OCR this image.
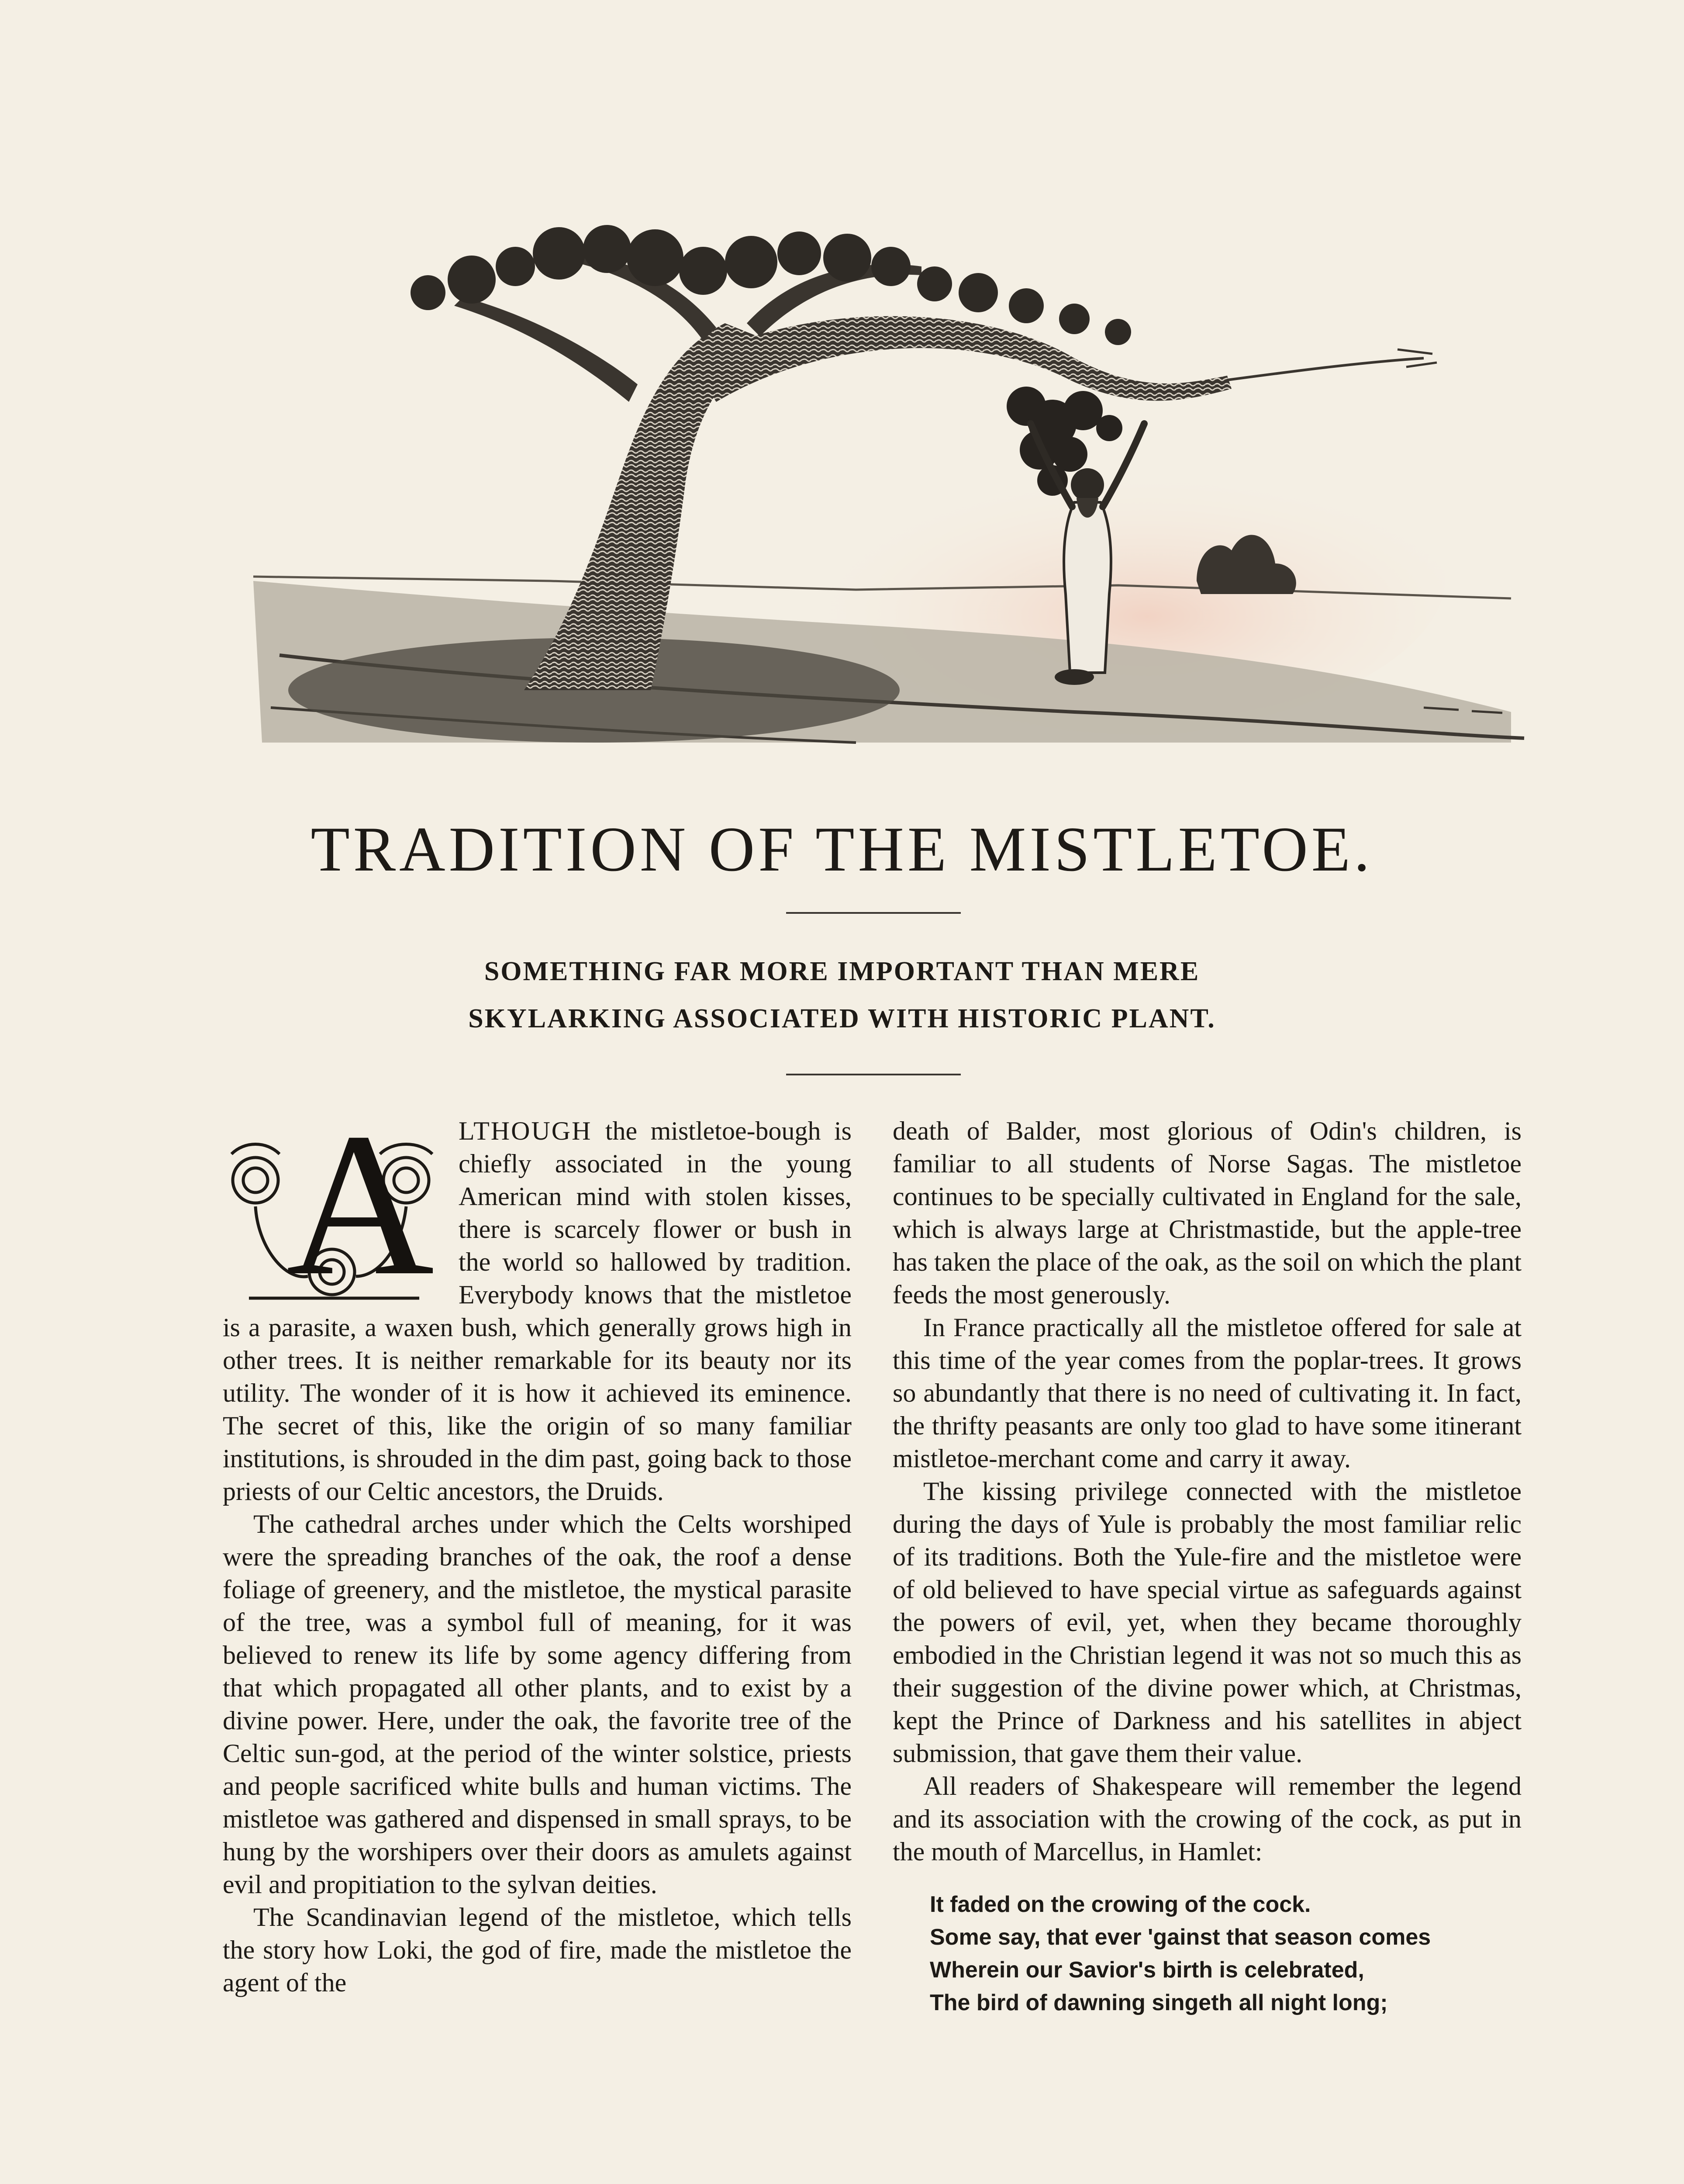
TRADITION OF THE MISTLETOE.
SOMETHING FAR MORE IMPORTANT THAN MERE
SKYLARKING ASSOCIATED WITH HISTORIC PLANT.
A LTHOUGH the mistletoe-bough is chiefly associated in the young American mind with stolen kisses, there is scarcely flower or bush in the world so hallowed by tradition. Everybody knows that the mistletoe is a parasite, a waxen bush, which generally grows high in other trees. It is neither remarkable for its beauty nor its utility. The wonder of it is how it achieved its eminence. The secret of this, like the origin of so many familiar institutions, is shrouded in the dim past, going back to those priests of our Celtic ancestors, the Druids.

The cathedral arches under which the Celts worshiped were the spreading branches of the oak, the roof a dense foliage of greenery, and the mistletoe, the mystical parasite of the tree, was a symbol full of meaning, for it was believed to renew its life by some agency differing from that which propagated all other plants, and to exist by a divine power. Here, under the oak, the favorite tree of the Celtic sun-god, at the period of the winter solstice, priests and people sacrificed white bulls and human victims. The mistletoe was gathered and dispensed in small sprays, to be hung by the worshipers over their doors as amulets against evil and propitiation to the sylvan deities.

The Scandinavian legend of the mistletoe, which tells the story how Loki, the god of fire, made the mistletoe the agent of the

death of Balder, most glorious of Odin's children, is familiar to all students of Norse Sagas. The mistletoe continues to be specially cultivated in England for the sale, which is always large at Christmastide, but the apple-tree has taken the place of the oak, as the soil on which the plant feeds the most generously.

In France practically all the mistletoe offered for sale at this time of the year comes from the poplar-trees. It grows so abundantly that there is no need of cultivating it. In fact, the thrifty peasants are only too glad to have some itinerant mistletoe-merchant come and carry it away.

The kissing privilege connected with the mistletoe during the days of Yule is probably the most familiar relic of its traditions. Both the Yule-fire and the mistletoe were of old believed to have special virtue as safeguards against the powers of evil, yet, when they became thoroughly embodied in the Christian legend it was not so much this as their suggestion of the divine power which, at Christmas, kept the Prince of Darkness and his satellites in abject submission, that gave them their value.

All readers of Shakespeare will remember the legend and its association with the crowing of the cock, as put in the mouth of Marcellus, in Hamlet:

It faded on the crowing of the cock.
Some say, that ever 'gainst that season comes
Wherein our Savior's birth is celebrated,
The bird of dawning singeth all night long;
